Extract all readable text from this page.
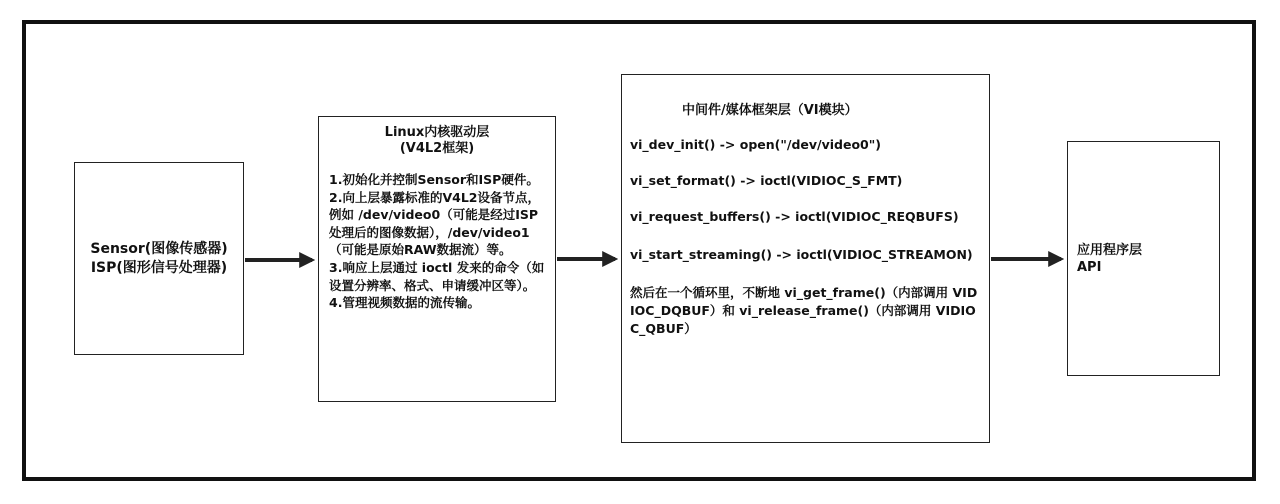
Sensor(图像传感器)
ISP(图形信号处理器)
Linux内核驱动层
(V4L2框架)
1.初始化并控制Sensor和ISP硬件。
2.向上层暴露标准的V4L2设备节点，例如 /dev/video0（可能是经过ISP处理后的图像数据），/dev/video1（可能是原始RAW数据流）等。
3.响应上层通过 ioctl 发来的命令（如设置分辨率、格式、申请缓冲区等）。
4.管理视频数据的流传输。
中间件/媒体框架层（VI模块）
vi_dev_init() -> open("/dev/video0")
vi_set_format() -> ioctl(VIDIOC_S_FMT)
vi_request_buffers() -> ioctl(VIDIOC_REQBUFS)
vi_start_streaming() -> ioctl(VIDIOC_STREAMON)
然后在一个循环里，不断地 vi_get_frame()（内部调用 VIDIOC_DQBUF）和 vi_release_frame()（内部调用 VIDIOC_QBUF）
应用程序层
API
